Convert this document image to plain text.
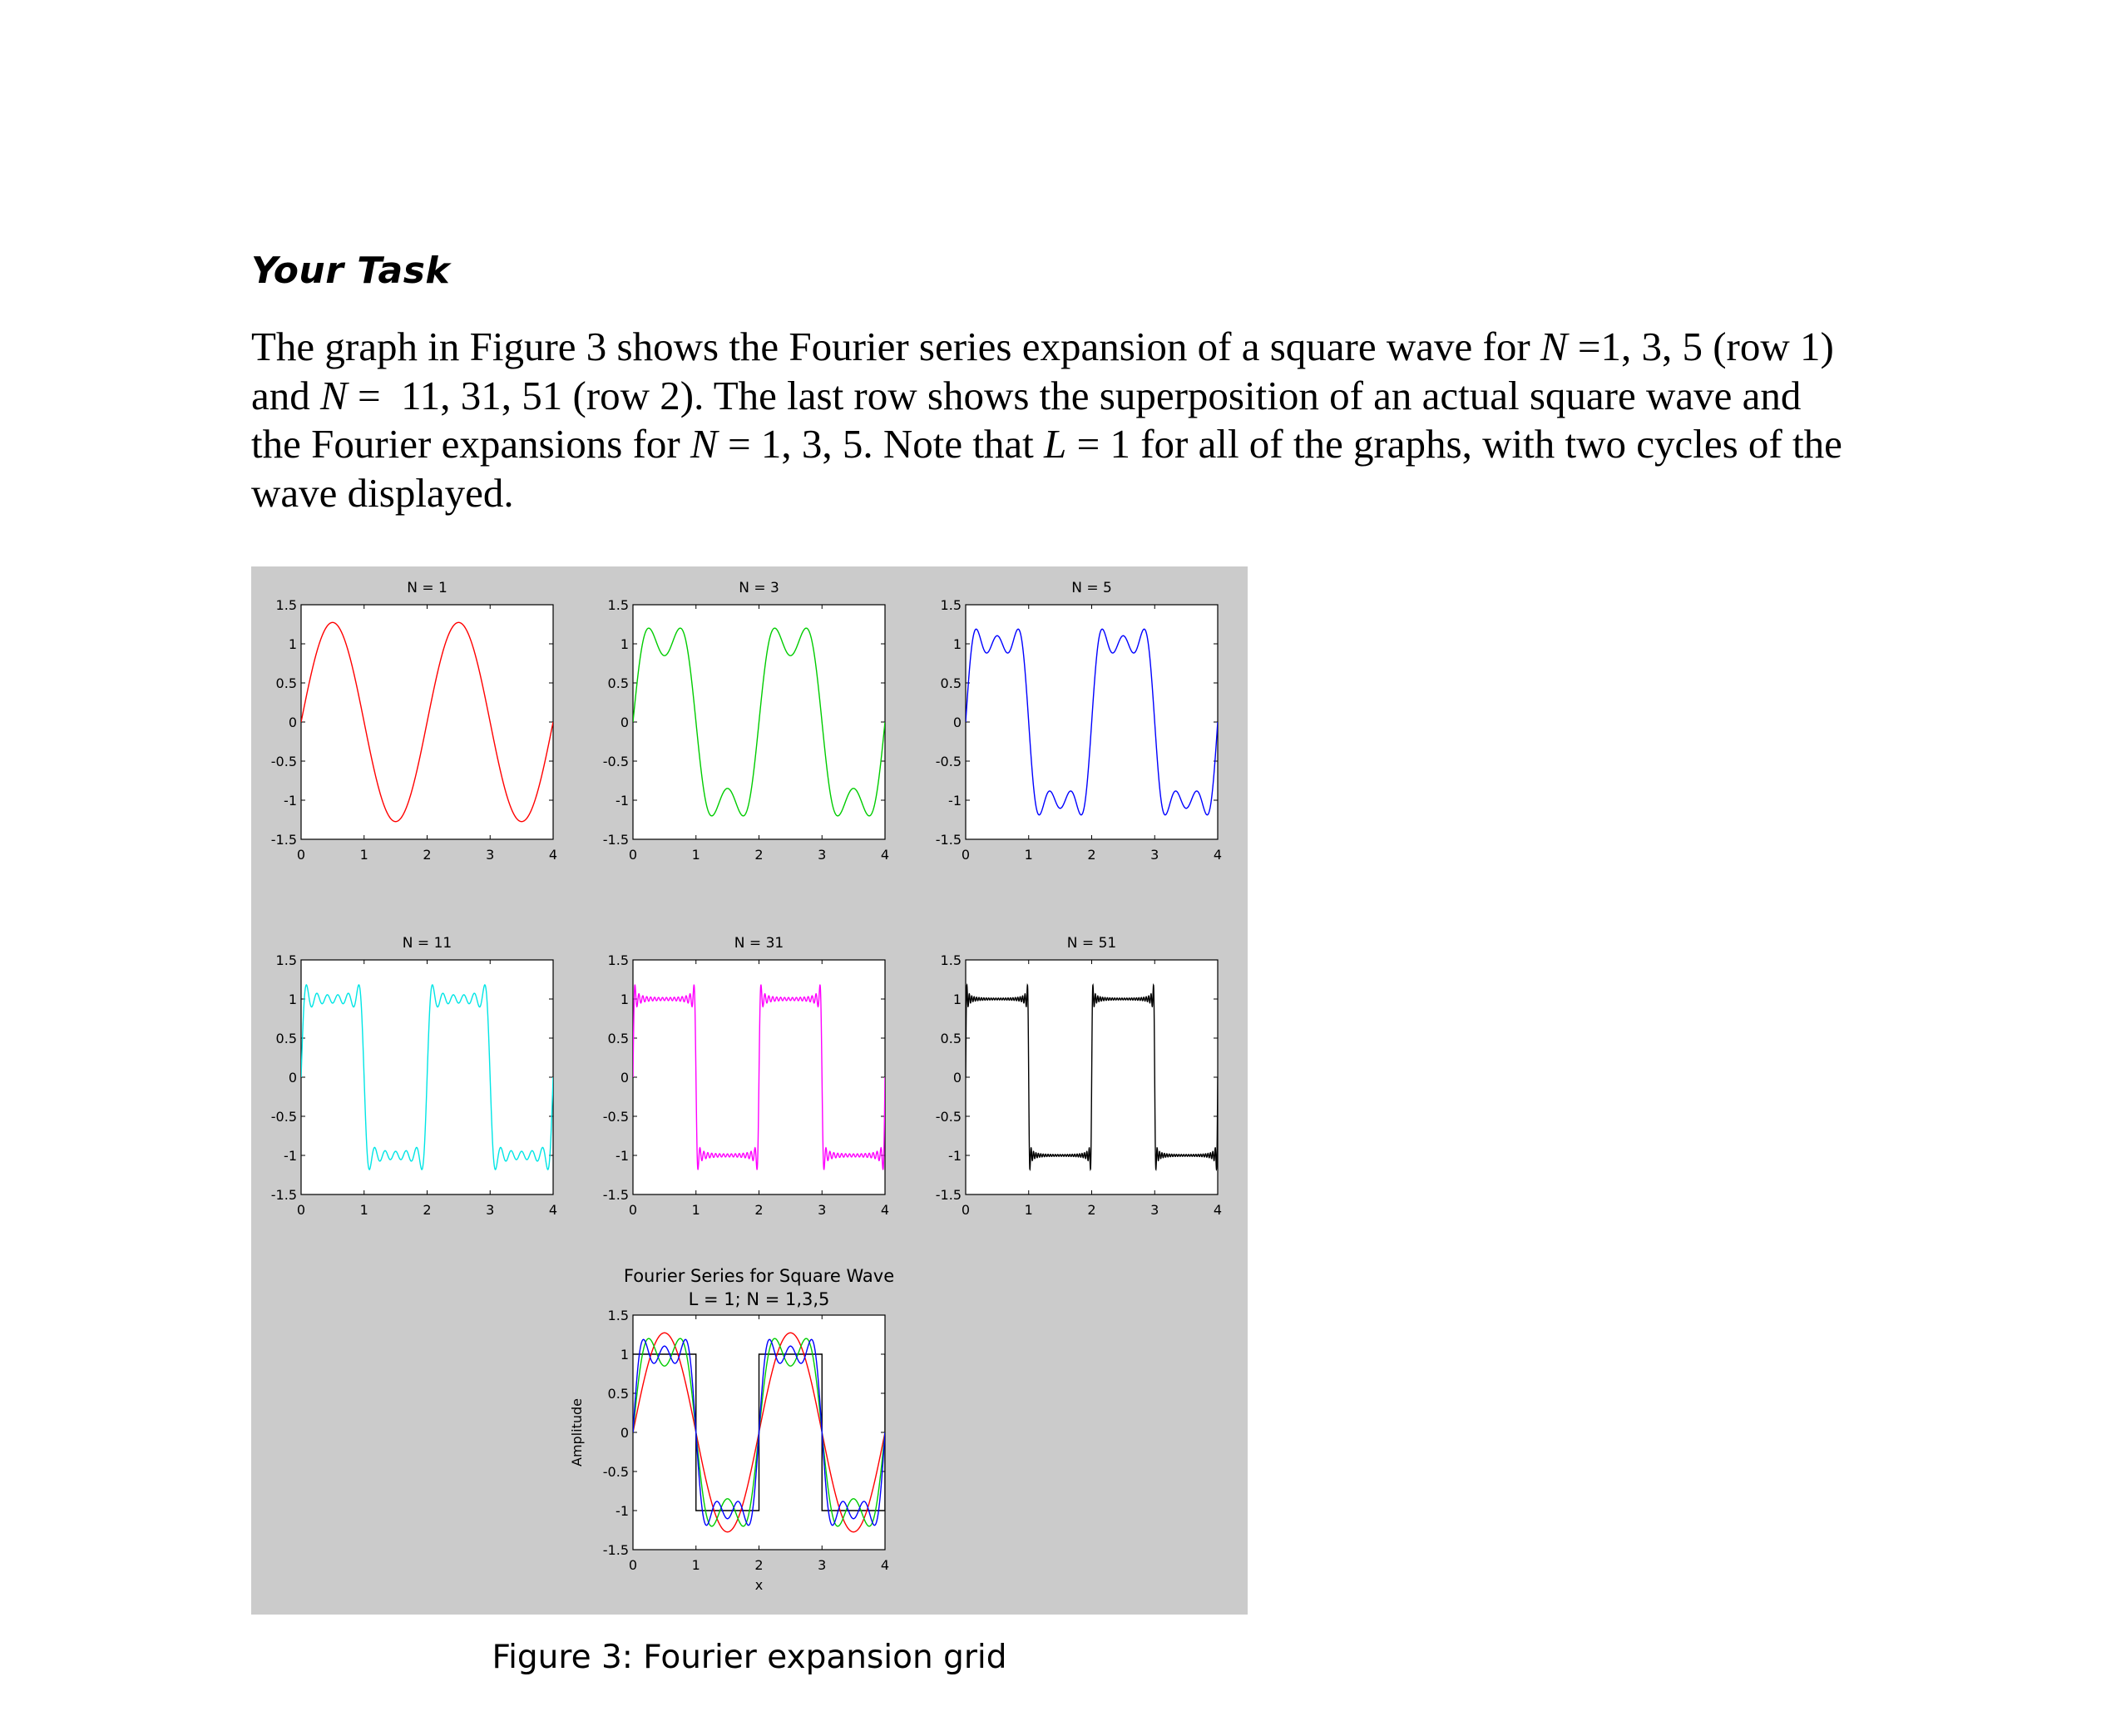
Your Task
The graph in Figure 3 shows the Fourier series expansion of a square wave for N =1, 3, 5 (row 1)
and N =  11, 31, 51 (row 2). The last row shows the superposition of an actual square wave and
the Fourier expansions for N = 1, 3, 5. Note that L = 1 for all of the graphs, with two cycles of the
wave displayed.
1.5
1
0.5
0
-0.5
-1
-1.5
0	1	2	3	4
N = 1
1.5
1
0.5
0
-0.5
-1
-1.5
0	1	2	3	4
N = 3
1.5
1
0.5
0
-0.5
-1
-1.5
0	1	2	3	4
N = 5
1.5
1
0.5
0
-0.5
-1
-1.5
0	1	2	3	4
N = 11
1.5
1
0.5
0
-0.5
-1
-1.5
0	1	2	3	4
N = 31
1.5
1
0.5
0
-0.5
-1
-1.5
0	1	2	3	4
N = 51
1.5
1
0.5
0
-0.5
-1
-1.5
0	1	2	3	4
Fourier Series for Square Wave
L = 1; N = 1,3,5
x
Amplitude
Figure 3: Fourier expansion grid
